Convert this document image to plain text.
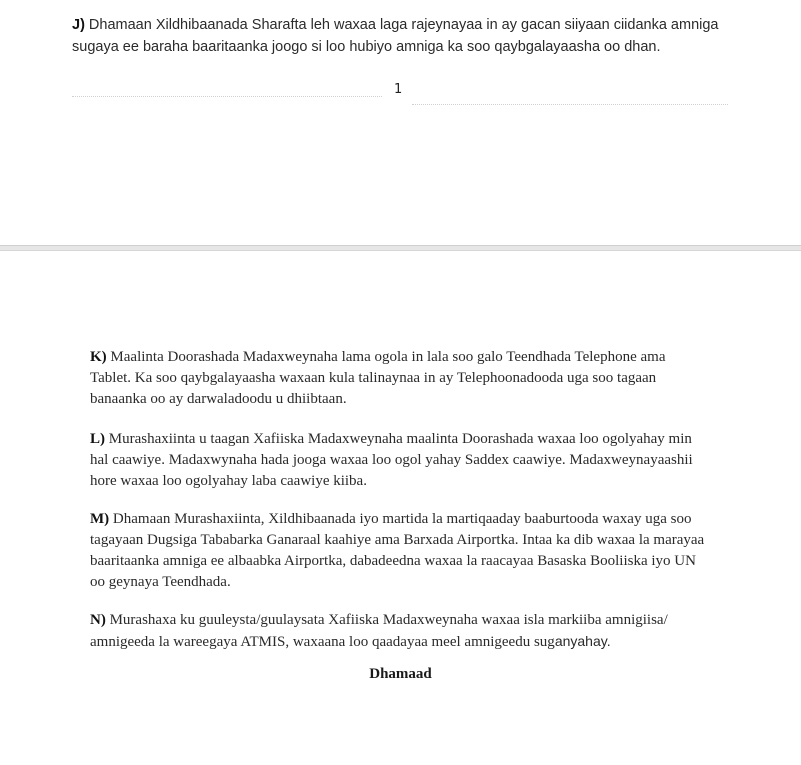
J) Dhamaan Xildhibaanada Sharafta leh waxaa laga rajeynayaa in ay gacan siiyaan ciidanka amniga
sugaya ee baraha baaritaanka joogo si loo hubiyo amniga ka soo qaybgalayaasha oo dhan.

1

K) Maalinta Doorashada Madaxweynaha lama ogola in lala soo galo Teendhada Telephone ama
Tablet. Ka soo qaybgalayaasha waxaan kula talinaynaa in ay Telephoonadooda uga soo tagaan
banaanka oo ay darwaladoodu u dhiibtaan.

L) Murashaxiinta u taagan Xafiiska Madaxweynaha maalinta Doorashada waxaa loo ogolyahay min
hal caawiye. Madaxwynaha hada jooga waxaa loo ogol yahay Saddex caawiye. Madaxweynayaashii
hore waxaa loo ogolyahay laba caawiye kiiba.

M) Dhamaan Murashaxiinta, Xildhibaanada iyo martida la martiqaaday baaburtooda waxay uga soo
tagayaan Dugsiga Tababarka Ganaraal kaahiye ama Barxada Airportka. Intaa ka dib waxaa la marayaa
baaritaanka amniga ee albaabka Airportka, dabadeedna waxaa la raacayaa Basaska Booliiska iyo UN
oo geynaya Teendhada.

N) Murashaxa ku guuleysta/guulaysata Xafiiska Madaxweynaha waxaa isla markiiba amnigiisa/
amnigeeda la wareegaya ATMIS, waxaana loo qaadayaa meel amnigeedu suganyahay.

Dhamaad
